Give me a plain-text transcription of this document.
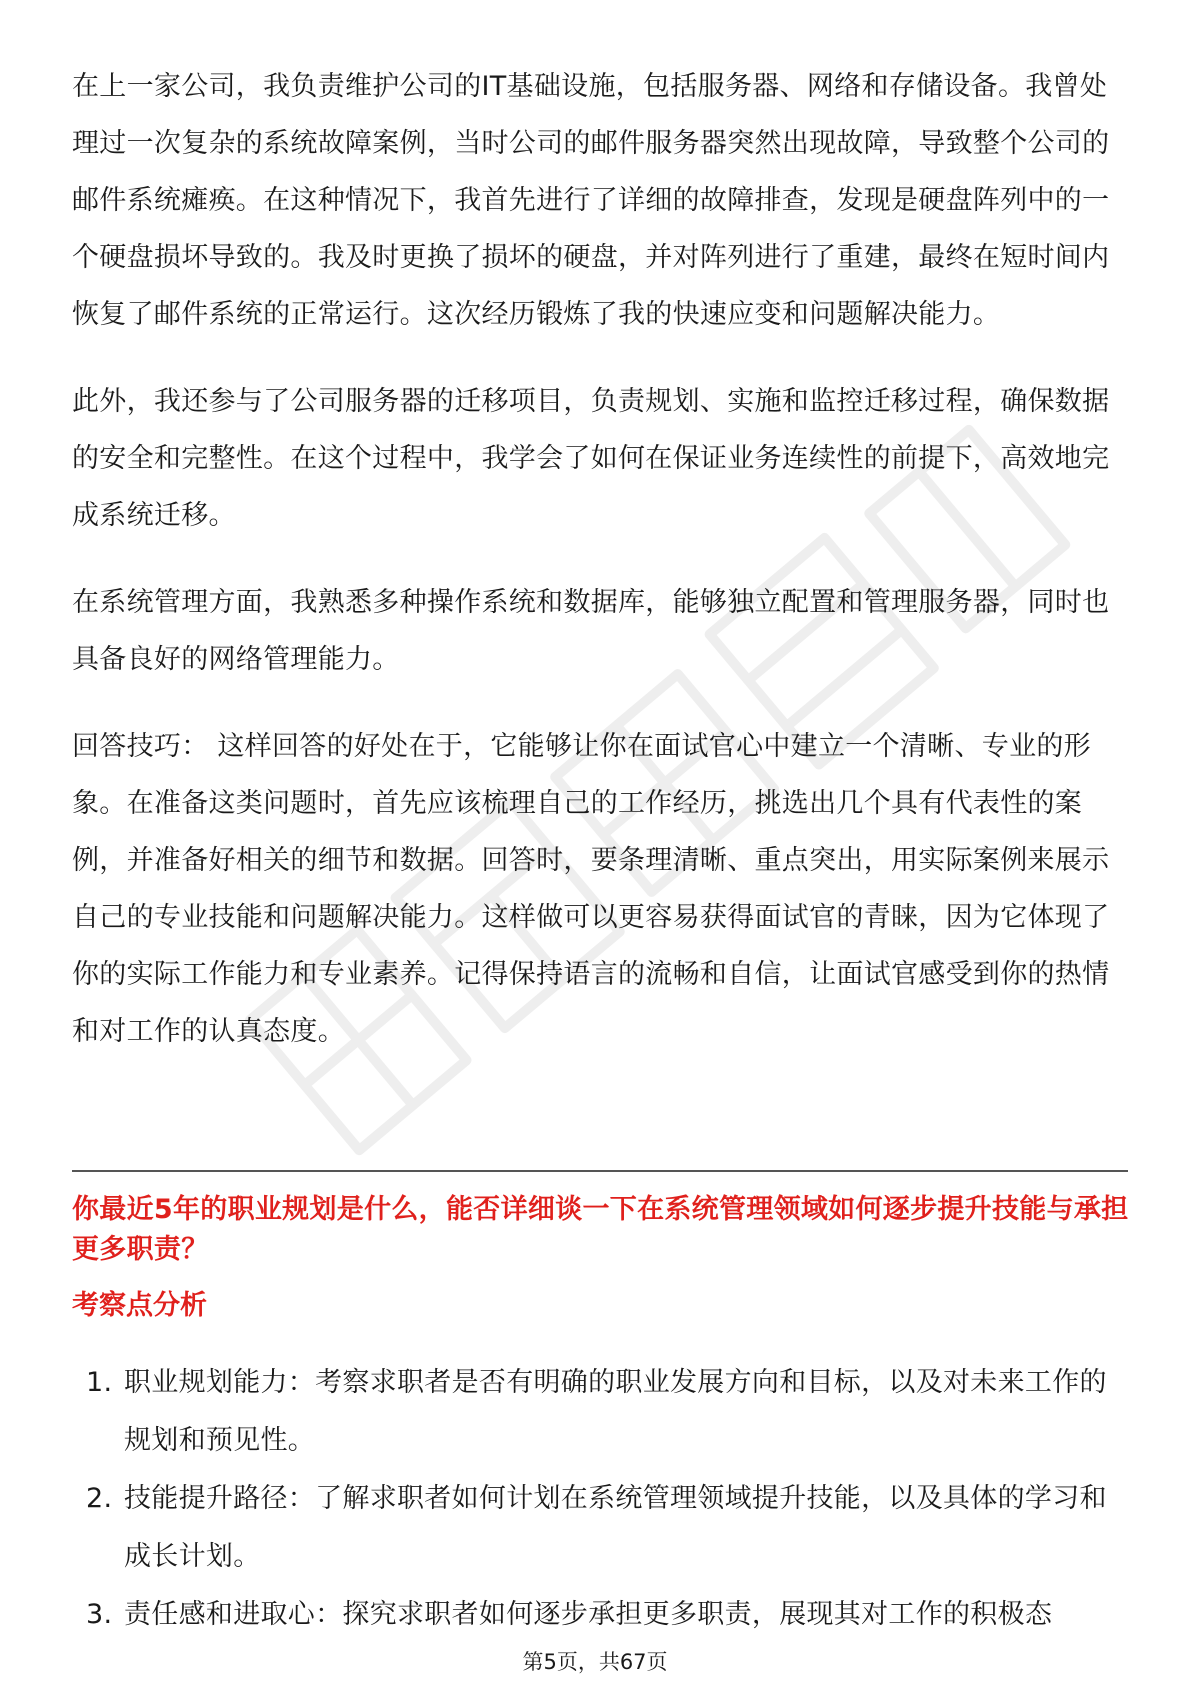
在上一家公司，我负责维护公司的IT基础设施，包括服务器、网络和存储设备。我曾处理过一次复杂的系统故障案例，当时公司的邮件服务器突然出现故障，导致整个公司的邮件系统瘫痪。在这种情况下，我首先进行了详细的故障排查，发现是硬盘阵列中的一个硬盘损坏导致的。我及时更换了损坏的硬盘，并对阵列进行了重建，最终在短时间内恢复了邮件系统的正常运行。这次经历锻炼了我的快速应变和问题解决能力。

此外，我还参与了公司服务器的迁移项目，负责规划、实施和监控迁移过程，确保数据的安全和完整性。在这个过程中，我学会了如何在保证业务连续性的前提下，高效地完成系统迁移。

在系统管理方面，我熟悉多种操作系统和数据库，能够独立配置和管理服务器，同时也具备良好的网络管理能力。

回答技巧： 这样回答的好处在于，它能够让你在面试官心中建立一个清晰、专业的形象。在准备这类问题时，首先应该梳理自己的工作经历，挑选出几个具有代表性的案例，并准备好相关的细节和数据。回答时，要条理清晰、重点突出，用实际案例来展示自己的专业技能和问题解决能力。这样做可以更容易获得面试官的青睐，因为它体现了你的实际工作能力和专业素养。记得保持语言的流畅和自信，让面试官感受到你的热情和对工作的认真态度。

你最近5年的职业规划是什么，能否详细谈一下在系统管理领域如何逐步提升技能与承担更多职责？
考察点分析
1. 职业规划能力：考察求职者是否有明确的职业发展方向和目标，以及对未来工作的规划和预见性。
2. 技能提升路径：了解求职者如何计划在系统管理领域提升技能，以及具体的学习和成长计划。
3. 责任感和进取心：探究求职者如何逐步承担更多职责，展现其对工作的积极态
第5页，共67页
